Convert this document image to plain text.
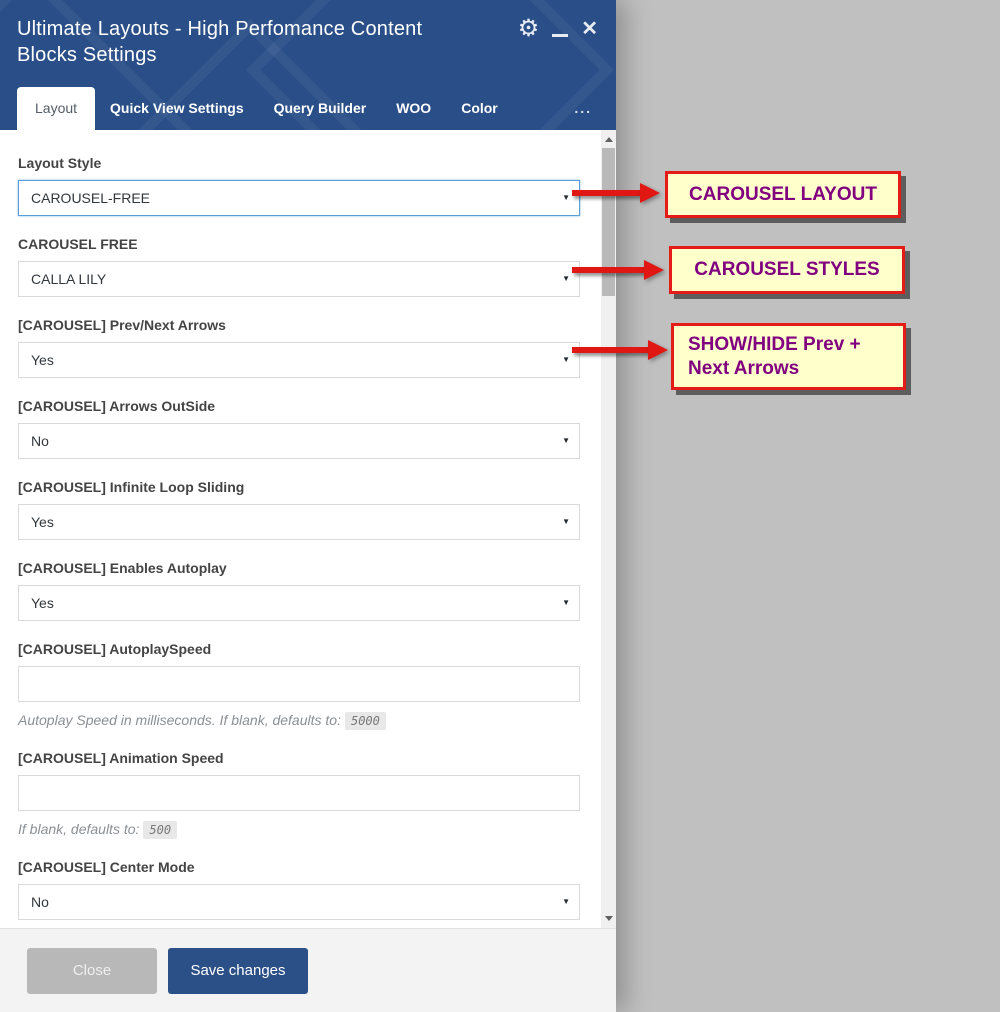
Ultimate Layouts - High Perfomance Content Blocks Settings
⚙ ✕
Layout	Quick View Settings	Query Builder	WOO	Color	...
Layout Style
CAROUSEL-FREE	▼
CAROUSEL FREE
CALLA LILY	▼
[CAROUSEL] Prev/Next Arrows
Yes	▼
[CAROUSEL] Arrows OutSide
No	▼
[CAROUSEL] Infinite Loop Sliding
Yes	▼
[CAROUSEL] Enables Autoplay
Yes	▼
[CAROUSEL] AutoplaySpeed
Autoplay Speed in milliseconds. If blank, defaults to: 5000
[CAROUSEL] Animation Speed
If blank, defaults to: 500
[CAROUSEL] Center Mode
No	▼
Close	Save changes
CAROUSEL LAYOUT
CAROUSEL STYLES
SHOW/HIDE Prev + Next Arrows
